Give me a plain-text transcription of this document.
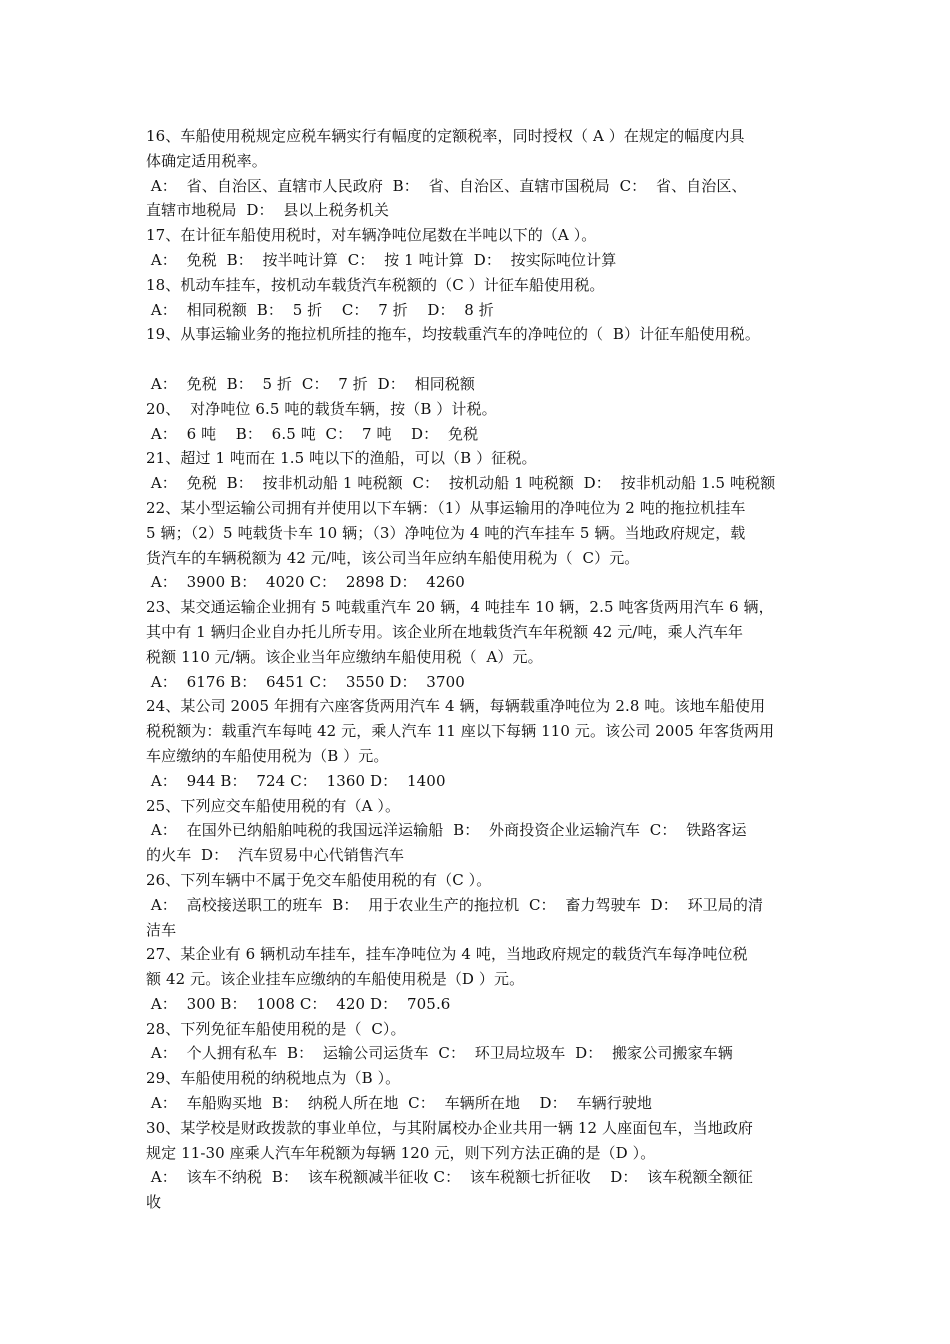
16、车船使用税规定应税车辆实行有幅度的定额税率，同时授权（ A ）在规定的幅度内具
体确定适用税率。
A：  省、自治区、直辖市人民政府  B：  省、自治区、直辖市国税局  C：  省、自治区、
直辖市地税局  D：  县以上税务机关
17、在计征车船使用税时，对车辆净吨位尾数在半吨以下的（A ）。
A：  免税  B：  按半吨计算  C：  按 1 吨计算  D：  按实际吨位计算
18、机动车挂车，按机动车载货汽车税额的（C ）计征车船使用税。
A：  相同税额  B：  5 折    C：  7 折    D：  8 折
19、从事运输业务的拖拉机所挂的拖车，均按载重汽车的净吨位的（  B）计征车船使用税。
A：  免税  B：  5 折  C：  7 折  D：  相同税额
20、  对净吨位 6.5 吨的载货车辆，按（B ）计税。
A：  6 吨    B：  6.5 吨  C：  7 吨    D：  免税
21、超过 1 吨而在 1.5 吨以下的渔船，可以（B ）征税。
A：  免税  B：  按非机动船 1 吨税额  C：  按机动船 1 吨税额  D：  按非机动船 1.5 吨税额
22、某小型运输公司拥有并使用以下车辆：（1）从事运输用的净吨位为 2 吨的拖拉机挂车
5 辆；（2）5 吨载货卡车 10 辆；（3）净吨位为 4 吨的汽车挂车 5 辆。当地政府规定，载
货汽车的车辆税额为 42 元/吨，该公司当年应纳车船使用税为（  C）元。
A：  3900 B：  4020 C：  2898 D：  4260
23、某交通运输企业拥有 5 吨载重汽车 20 辆，4 吨挂车 10 辆，2.5 吨客货两用汽车 6 辆，
其中有 1 辆归企业自办托儿所专用。该企业所在地载货汽车年税额 42 元/吨，乘人汽车年
税额 110 元/辆。该企业当年应缴纳车船使用税（  A）元。
A：  6176 B：  6451 C：  3550 D：  3700
24、某公司 2005 年拥有六座客货两用汽车 4 辆，每辆载重净吨位为 2.8 吨。该地车船使用
税税额为：载重汽车每吨 42 元，乘人汽车 11 座以下每辆 110 元。该公司 2005 年客货两用
车应缴纳的车船使用税为（B ）元。
A：  944 B：  724 C：  1360 D：  1400
25、下列应交车船使用税的有（A ）。
A：  在国外已纳船舶吨税的我国远洋运输船  B：  外商投资企业运输汽车  C：  铁路客运
的火车  D：  汽车贸易中心代销售汽车
26、下列车辆中不属于免交车船使用税的有（C ）。
A：  高校接送职工的班车  B：  用于农业生产的拖拉机  C：  畜力驾驶车  D：  环卫局的清
洁车
27、某企业有 6 辆机动车挂车，挂车净吨位为 4 吨，当地政府规定的载货汽车每净吨位税
额 42 元。该企业挂车应缴纳的车船使用税是（D ）元。
A：  300 B：  1008 C：  420 D：  705.6
28、下列免征车船使用税的是（  C）。
A：  个人拥有私车  B：  运输公司运货车  C：  环卫局垃圾车  D：  搬家公司搬家车辆
29、车船使用税的纳税地点为（B ）。
A：  车船购买地  B：  纳税人所在地  C：  车辆所在地    D：  车辆行驶地
30、某学校是财政拨款的事业单位，与其附属校办企业共用一辆 12 人座面包车，当地政府
规定 11-30 座乘人汽车年税额为每辆 120 元，则下列方法正确的是（D ）。
A：  该车不纳税  B：  该车税额减半征收 C：  该车税额七折征收    D：  该车税额全额征
收
